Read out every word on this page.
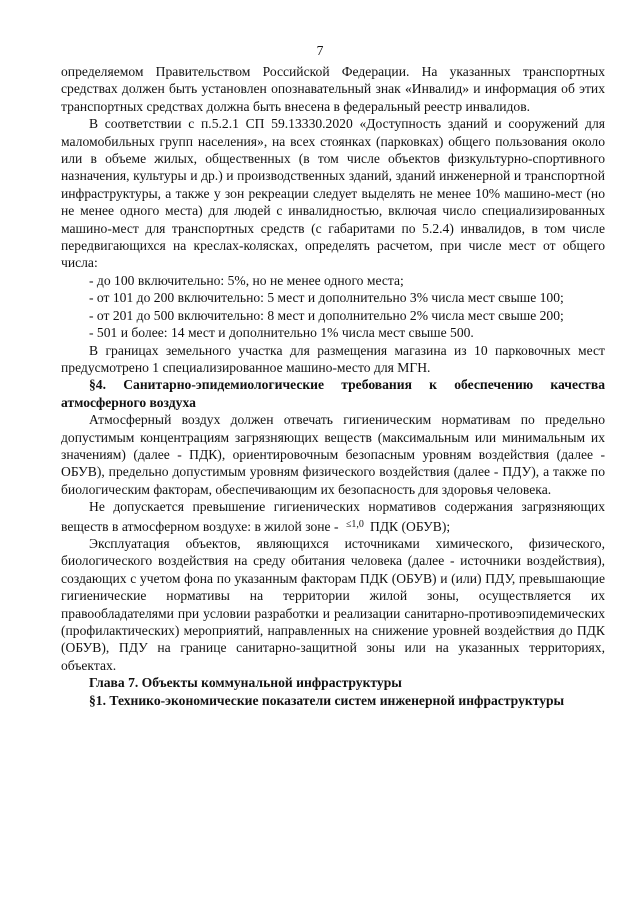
7

определяемом Правительством Российской Федерации. На указанных транспортных средствах должен быть установлен опознавательный знак «Инвалид» и информация об этих транспортных средствах должна быть внесена в федеральный реестр инвалидов.

В соответствии с п.5.2.1 СП 59.13330.2020 «Доступность зданий и сооружений для маломобильных групп населения», на всех стоянках (парковках) общего пользования около или в объеме жилых, общественных (в том числе объектов физкультурно-спортивного назначения, культуры и др.) и производственных зданий, зданий инженерной и транспортной инфраструктуры, а также у зон рекреации следует выделять не менее 10% машино-мест (но не менее одного места) для людей с инвалидностью, включая число специализированных машино-мест для транспортных средств (с габаритами по 5.2.4) инвалидов, в том числе передвигающихся на креслах-колясках, определять расчетом, при числе мест от общего числа:

- до 100 включительно: 5%, но не менее одного места;

- от 101 до 200 включительно: 5 мест и дополнительно 3% числа мест свыше 100;

- от 201 до 500 включительно: 8 мест и дополнительно 2% числа мест свыше 200;

- 501 и более: 14 мест и дополнительно 1% числа мест свыше 500.

В границах земельного участка для размещения магазина из 10 парковочных мест предусмотрено 1 специализированное машино-место для МГН.

§4. Санитарно-эпидемиологические требования к обеспечению качества атмосферного воздуха

Атмосферный воздух должен отвечать гигиеническим нормативам по предельно допустимым концентрациям загрязняющих веществ (максимальным или минимальным их значениям) (далее - ПДК), ориентировочным безопасным уровням воздействия (далее - ОБУВ), предельно допустимым уровням физического воздействия (далее - ПДУ), а также по биологическим факторам, обеспечивающим их безопасность для здоровья человека.

Не допускается превышение гигиенических нормативов содержания загрязняющих веществ в атмосферном воздухе: в жилой зоне - $^{\le 1,0}$ ПДК (ОБУВ);

Эксплуатация объектов, являющихся источниками химического, физического, биологического воздействия на среду обитания человека (далее - источники воздействия), создающих с учетом фона по указанным факторам ПДК (ОБУВ) и (или) ПДУ, превышающие гигиенические нормативы на территории жилой зоны, осуществляется их правообладателями при условии разработки и реализации санитарно-противоэпидемических (профилактических) мероприятий, направленных на снижение уровней воздействия до ПДК (ОБУВ), ПДУ на границе санитарно-защитной зоны или на указанных территориях, объектах.

Глава 7. Объекты коммунальной инфраструктуры

§1. Технико-экономические показатели систем инженерной инфраструктуры
